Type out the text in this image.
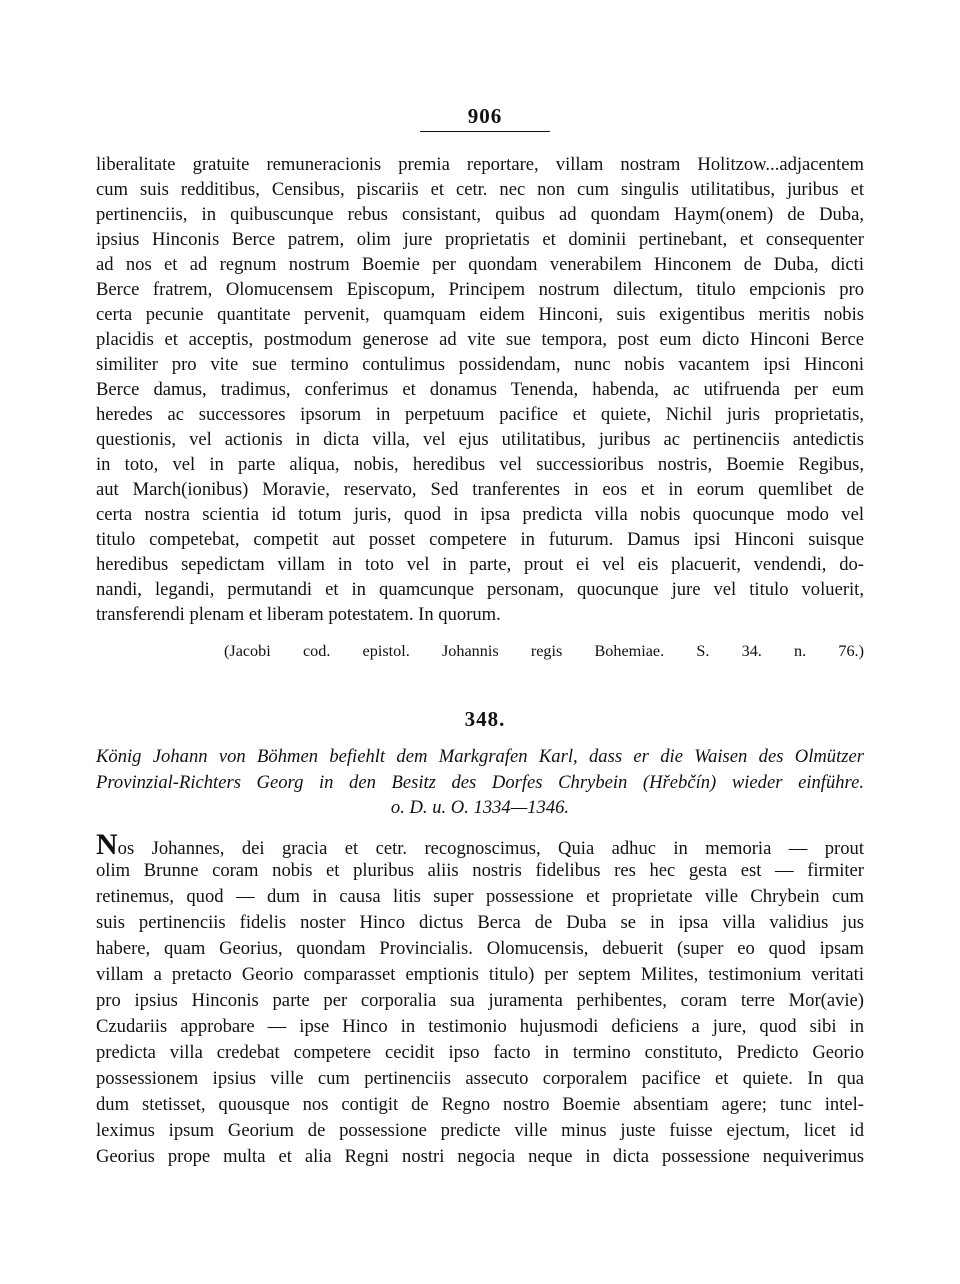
906
liberalitate gratuite remuneracionis premia reportare, villam nostram Holitzow...adjacentem
cum suis redditibus, Censibus, piscariis et cetr. nec non cum singulis utilitatibus, juribus et
pertinenciis, in quibuscunque rebus consistant, quibus ad quondam Haym(onem) de Duba,
ipsius Hinconis Berce patrem, olim jure proprietatis et dominii pertinebant, et consequenter
ad nos et ad regnum nostrum Boemie per quondam venerabilem Hinconem de Duba, dicti
Berce fratrem, Olomucensem Episcopum, Principem nostrum dilectum, titulo empcionis pro
certa pecunie quantitate pervenit, quamquam eidem Hinconi, suis exigentibus meritis nobis
placidis et acceptis, postmodum generose ad vite sue tempora, post eum dicto Hinconi Berce
similiter pro vite sue termino contulimus possidendam, nunc nobis vacantem ipsi Hinconi
Berce damus, tradimus, conferimus et donamus Tenenda, habenda, ac utifruenda per eum
heredes ac successores ipsorum in perpetuum pacifice et quiete, Nichil juris proprietatis,
questionis, vel actionis in dicta villa, vel ejus utilitatibus, juribus ac pertinenciis antedictis
in toto, vel in parte aliqua, nobis, heredibus vel successioribus nostris, Boemie Regibus,
aut March(ionibus) Moravie, reservato, Sed tranferentes in eos et in eorum quemlibet de
certa nostra scientia id totum juris, quod in ipsa predicta villa nobis quocunque modo vel
titulo competebat, competit aut posset competere in futurum. Damus ipsi Hinconi suisque
heredibus sepedictam villam in toto vel in parte, prout ei vel eis placuerit, vendendi, do-
nandi, legandi, permutandi et in quamcunque personam, quocunque jure vel titulo voluerit,
transferendi plenam et liberam potestatem. In quorum.
(Jacobi cod. epistol. Johannis regis Bohemiae. S. 34. n. 76.)
348.
König Johann von Böhmen befiehlt dem Markgrafen Karl, dass er die Waisen des Olmützer
Provinzial-Richters Georg in den Besitz des Dorfes Chrybein (Hřebčín) wieder einführe.
o. D. u. O. 1334—1346.
Nos Johannes, dei gracia et cetr. recognoscimus, Quia adhuc in memoria — prout
olim Brunne coram nobis et pluribus aliis nostris fidelibus res hec gesta est — firmiter
retinemus, quod — dum in causa litis super possessione et proprietate ville Chrybein cum
suis pertinenciis fidelis noster Hinco dictus Berca de Duba se in ipsa villa validius jus
habere, quam Georius, quondam Provincialis. Olomucensis, debuerit (super eo quod ipsam
villam a pretacto Georio comparasset emptionis titulo) per septem Milites, testimonium veritati
pro ipsius Hinconis parte per corporalia sua juramenta perhibentes, coram terre Mor(avie)
Czudariis approbare — ipse Hinco in testimonio hujusmodi deficiens a jure, quod sibi in
predicta villa credebat competere cecidit ipso facto in termino constituto, Predicto Georio
possessionem ipsius ville cum pertinenciis assecuto corporalem pacifice et quiete. In qua
dum stetisset, quousque nos contigit de Regno nostro Boemie absentiam agere; tunc intel-
leximus ipsum Georium de possessione predicte ville minus juste fuisse ejectum, licet id
Georius prope multa et alia Regni nostri negocia neque in dicta possessione nequiverimus
